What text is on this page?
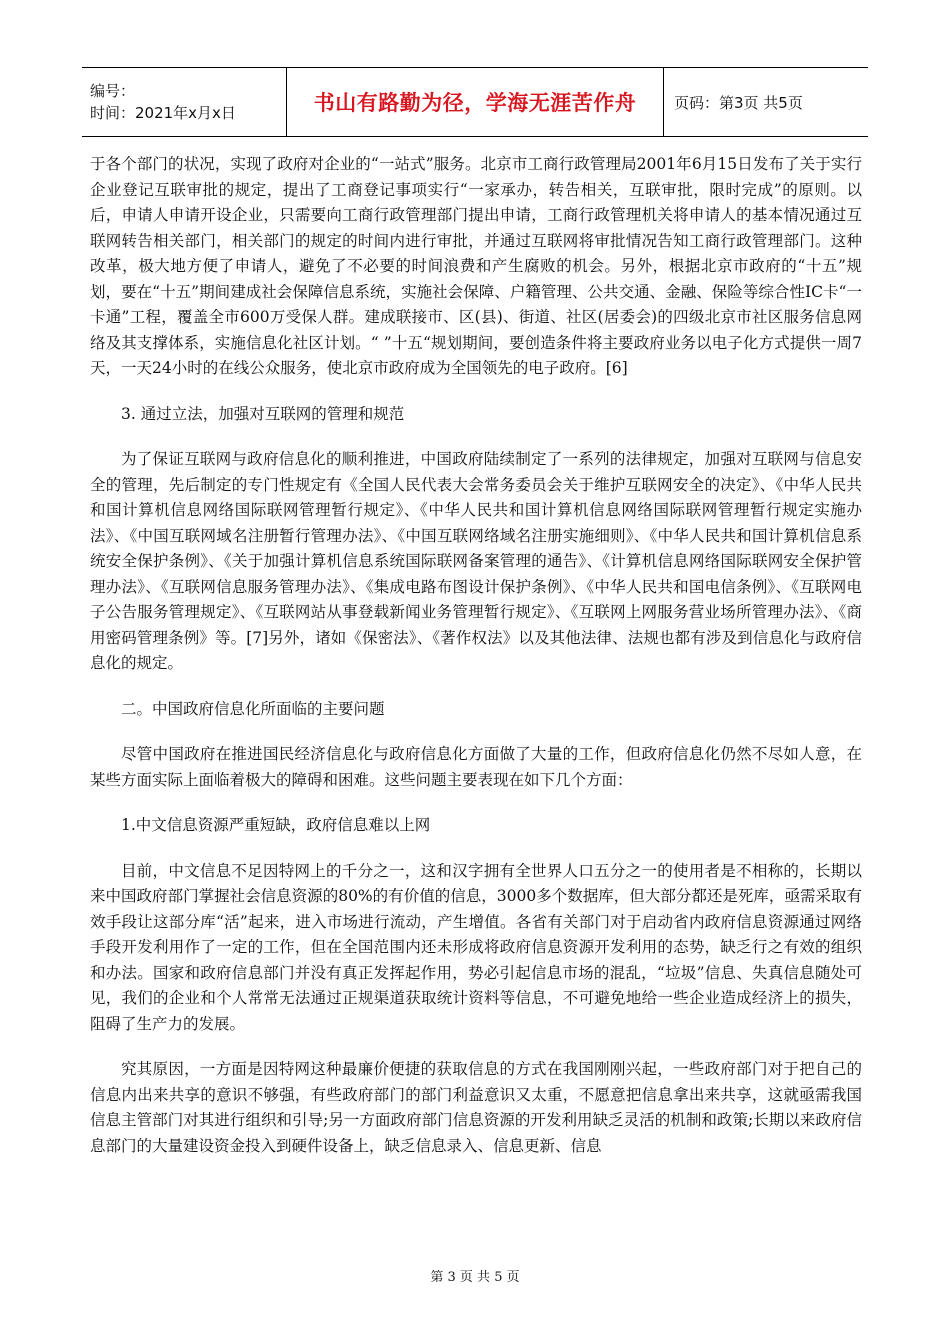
编号：
时间：2021年x月x日	书山有路勤为径，学海无涯苦作舟	页码：第3页 共5页

于各个部门的状况，实现了政府对企业的“一站式”服务。北京市工商行政管理局2001年6月15日发布了关于实行企业登记互联审批的规定，提出了工商登记事项实行“一家承办，转告相关，互联审批，限时完成”的原则。以后，申请人申请开设企业，只需要向工商行政管理部门提出申请，工商行政管理机关将申请人的基本情况通过互联网转告相关部门，相关部门的规定的时间内进行审批，并通过互联网将审批情况告知工商行政管理部门。这种改革，极大地方便了申请人，避免了不必要的时间浪费和产生腐败的机会。另外，根据北京市政府的“十五”规划，要在“十五”期间建成社会保障信息系统，实施社会保障、户籍管理、公共交通、金融、保险等综合性IC卡“一卡通”工程，覆盖全市600万受保人群。建成联接市、区(县)、街道、社区(居委会)的四级北京市社区服务信息网络及其支撑体系，实施信息化社区计划。“ ”十五“规划期间，要创造条件将主要政府业务以电子化方式提供一周7天，一天24小时的在线公众服务，使北京市政府成为全国领先的电子政府。[6]

3. 通过立法，加强对互联网的管理和规范

为了保证互联网与政府信息化的顺利推进，中国政府陆续制定了一系列的法律规定，加强对互联网与信息安全的管理，先后制定的专门性规定有《全国人民代表大会常务委员会关于维护互联网安全的决定》、《中华人民共和国计算机信息网络国际联网管理暂行规定》、《中华人民共和国计算机信息网络国际联网管理暂行规定实施办法》、《中国互联网域名注册暂行管理办法》、《中国互联网络域名注册实施细则》、《中华人民共和国计算机信息系统安全保护条例》、《关于加强计算机信息系统国际联网备案管理的通告》、《计算机信息网络国际联网安全保护管理办法》、《互联网信息服务管理办法》、《集成电路布图设计保护条例》、《中华人民共和国电信条例》、《互联网电子公告服务管理规定》、《互联网站从事登载新闻业务管理暂行规定》、《互联网上网服务营业场所管理办法》、《商用密码管理条例》等。[7]另外，诸如《保密法》、《著作权法》以及其他法律、法规也都有涉及到信息化与政府信息化的规定。

二。中国政府信息化所面临的主要问题

尽管中国政府在推进国民经济信息化与政府信息化方面做了大量的工作，但政府信息化仍然不尽如人意，在某些方面实际上面临着极大的障碍和困难。这些问题主要表现在如下几个方面：

1.中文信息资源严重短缺，政府信息难以上网

目前，中文信息不足因特网上的千分之一，这和汉字拥有全世界人口五分之一的使用者是不相称的，长期以来中国政府部门掌握社会信息资源的80%的有价值的信息，3000多个数据库，但大部分都还是死库，亟需采取有效手段让这部分库“活”起来，进入市场进行流动，产生增值。各省有关部门对于启动省内政府信息资源通过网络手段开发利用作了一定的工作，但在全国范围内还未形成将政府信息资源开发利用的态势，缺乏行之有效的组织和办法。国家和政府信息部门并没有真正发挥起作用，势必引起信息市场的混乱，“垃圾”信息、失真信息随处可见，我们的企业和个人常常无法通过正规渠道获取统计资料等信息，不可避免地给一些企业造成经济上的损失，阻碍了生产力的发展。

究其原因，一方面是因特网这种最廉价便捷的获取信息的方式在我国刚刚兴起，一些政府部门对于把自己的信息内出来共享的意识不够强，有些政府部门的部门利益意识又太重，不愿意把信息拿出来共享，这就亟需我国信息主管部门对其进行组织和引导;另一方面政府部门信息资源的开发利用缺乏灵活的机制和政策;长期以来政府信息部门的大量建设资金投入到硬件设备上，缺乏信息录入、信息更新、信息

第 3 页 共 5 页
